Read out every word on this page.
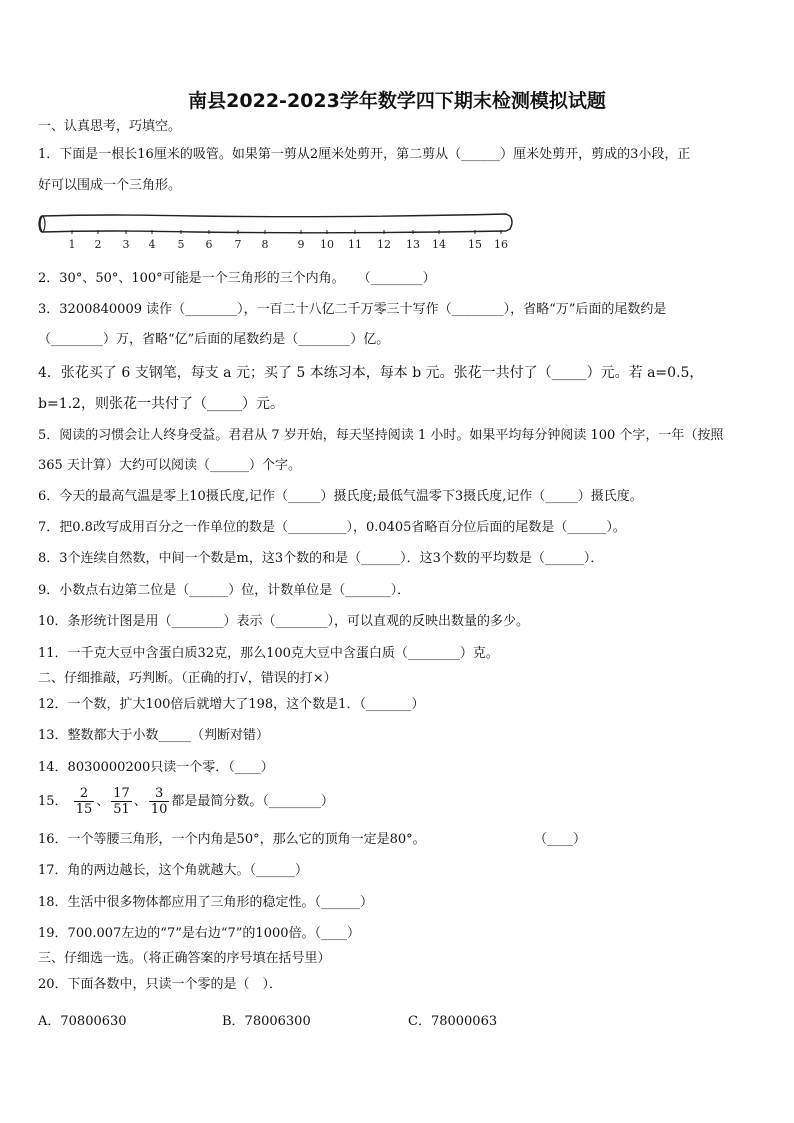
南县2022-2023学年数学四下期末检测模拟试题
一、认真思考，巧填空。
1．下面是一根长16厘米的吸管。如果第一剪从2厘米处剪开，第二剪从（______）厘米处剪开，剪成的3小段，正
好可以围成一个三角形。
1 2 3 4 5 6 7 8	9 10 11 12 13 14 15 16
2．30°、50°、100°可能是一个三角形的三个内角。　　（________）
3．3200840009 读作（________），一百二十八亿二千万零三十写作（________），省略“万”后面的尾数约是
（________）万，省略“亿”后面的尾数约是（________）亿。
4．张花买了 6 支钢笔，每支 a 元；买了 5 本练习本，每本 b 元。张花一共付了（_____）元。若 a=0.5，
b=1.2，则张花一共付了（_____）元。
5．阅读的习惯会让人终身受益。君君从 7 岁开始，每天坚持阅读 1 小时。如果平均每分钟阅读 100 个字，一年（按照
365 天计算）大约可以阅读（______）个字。
6．今天的最高气温是零上10摄氏度,记作（_____）摄氏度;最低气温零下3摄氏度,记作（_____）摄氏度。
7．把0.8改写成用百分之一作单位的数是（_________），0.0405省略百分位后面的尾数是（______）。
8．3个连续自然数，中间一个数是m，这3个数的和是（______）．这3个数的平均数是（______）．
9．小数点右边第二位是（______）位，计数单位是（_______）．
10．条形统计图是用（________）表示（________），可以直观的反映出数量的多少。
11．一千克大豆中含蛋白质32克，那么100克大豆中含蛋白质（________）克。
二、仔细推敲，巧判断。（正确的打√，错误的打×）
12．一个数，扩大100倍后就增大了198，这个数是1．（_______）
13．整数都大于小数_____（判断对错）
14．8030000200只读一个零．（____）
15． $\frac{2}{15}$ 、 $\frac{17}{51}$ 、 $\frac{3}{10}$ 都是最简分数。（________）
16．一个等腰三角形，一个内角是50°，那么它的顶角一定是80°。	（____）
17．角的两边越长，这个角就越大。（______）
18．生活中很多物体都应用了三角形的稳定性。（______）
19．700.007左边的“7”是右边“7”的1000倍。（____）
三、仔细选一选。（将正确答案的序号填在括号里）
20．下面各数中，只读一个零的是（　）．
A．70800630	B．78006300	C．78000063
